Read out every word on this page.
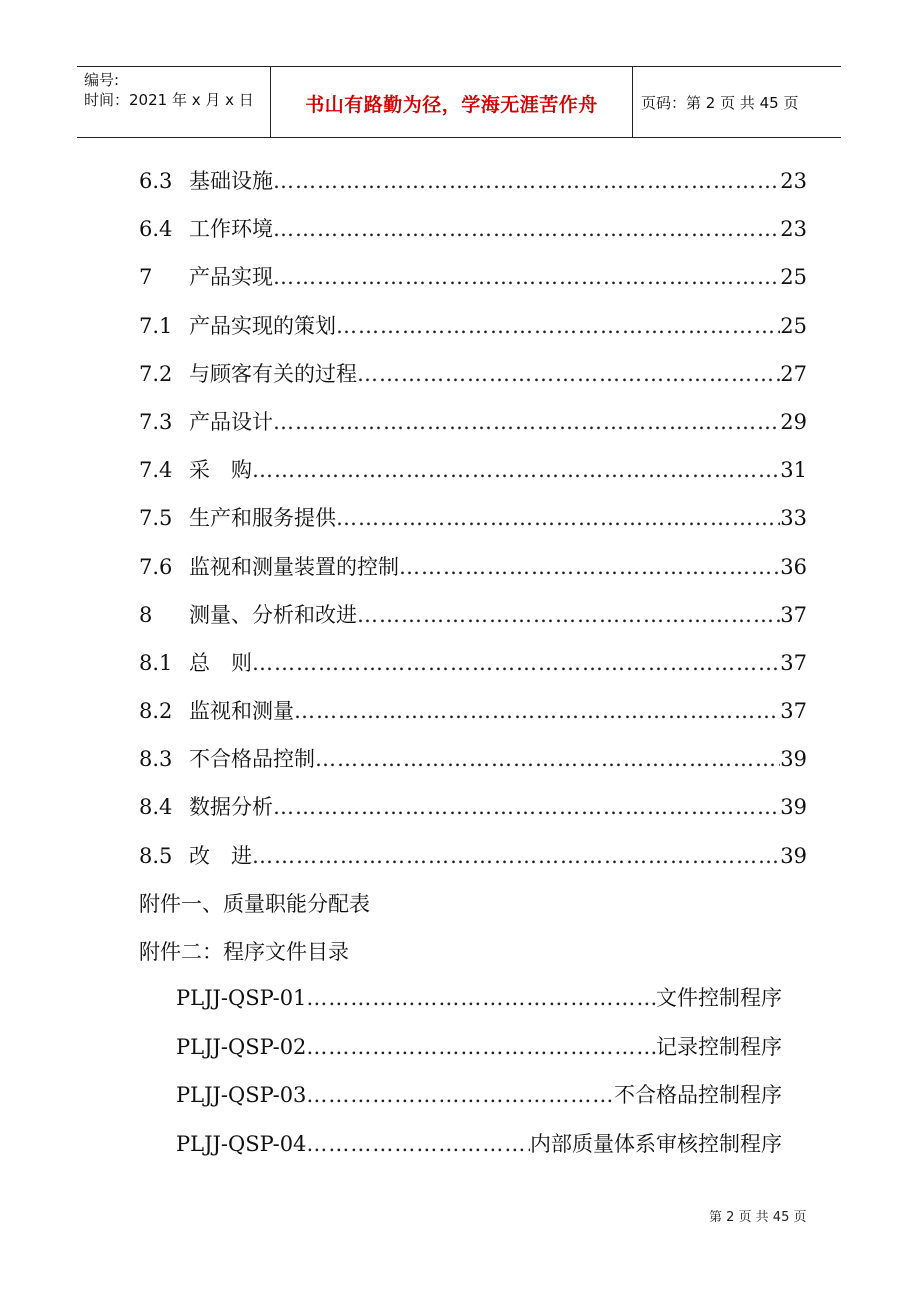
编号:
时间：2021 年 x 月 x 日	书山有路勤为径，学海无涯苦作舟	页码：第 2 页 共 45 页
6.3 基础设施 ……………………………………………………………………………………………………………………………………	23
6.4 工作环境 ……………………………………………………………………………………………………………………………………	23
7	产品实现 ……………………………………………………………………………………………………………………………………	25
7.1 产品实现的策划 ……………………………………………………………………………………………………………………………………	25
7.2 与顾客有关的过程 ……………………………………………………………………………………………………………………………………	27
7.3 产品设计 ……………………………………………………………………………………………………………………………………	29
7.4 采　购 ……………………………………………………………………………………………………………………………………	31
7.5 生产和服务提供 ……………………………………………………………………………………………………………………………………	33
7.6 监视和测量装置的控制 ……………………………………………………………………………………………………………………………………	36
8	测量、分析和改进 ……………………………………………………………………………………………………………………………………	37
8.1 总　则 ……………………………………………………………………………………………………………………………………	37
8.2 监视和测量 ……………………………………………………………………………………………………………………………………	37
8.3 不合格品控制 ……………………………………………………………………………………………………………………………………	39
8.4 数据分析 ……………………………………………………………………………………………………………………………………	39
8.5 改　进 ……………………………………………………………………………………………………………………………………	39
附件一、质量职能分配表
附件二：程序文件目录
PLJJ-QSP-01 ……………………………………………………………………………………………………………………………………	文件控制程序
PLJJ-QSP-02 ……………………………………………………………………………………………………………………………………	记录控制程序
PLJJ-QSP-03 ……………………………………………………………………………………………………………………………………	不合格品控制程序
PLJJ-QSP-04 ……………………………………………………………………………………………………………………………………	内部质量体系审核控制程序
第 2 页 共 45 页
